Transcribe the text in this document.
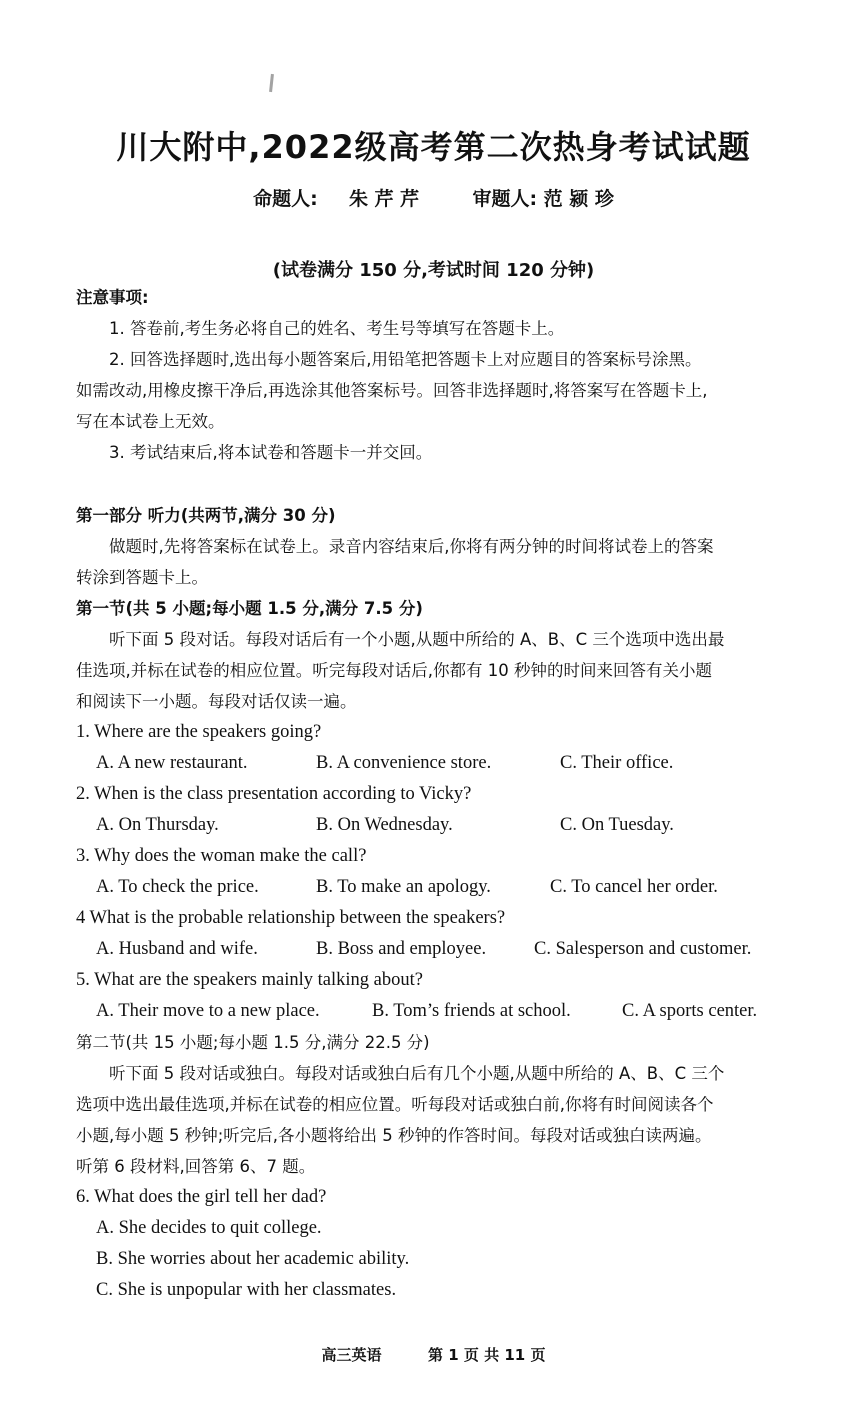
川大附中,2022级高考第二次热身考试试题
命题人: 朱 芹 芹	审题人: 范 颍 珍
(试卷满分 150 分,考试时间 120 分钟)

注意事项:

1. 答卷前,考生务必将自己的姓名、考生号等填写在答题卡上。

2. 回答选择题时,选出每小题答案后,用铅笔把答题卡上对应题目的答案标号涂黑。

如需改动,用橡皮擦干净后,再选涂其他答案标号。回答非选择题时,将答案写在答题卡上,

写在本试卷上无效。

3. 考试结束后,将本试卷和答题卡一并交回。

第一部分 听力(共两节,满分 30 分)

做题时,先将答案标在试卷上。录音内容结束后,你将有两分钟的时间将试卷上的答案

转涂到答题卡上。

第一节(共 5 小题;每小题 1.5 分,满分 7.5 分)

听下面 5 段对话。每段对话后有一个小题,从题中所给的 A、B、C 三个选项中选出最

佳选项,并标在试卷的相应位置。听完每段对话后,你都有 10 秒钟的时间来回答有关小题

和阅读下一小题。每段对话仅读一遍。

1. Where are the speakers going?

A. A new restaurant.	B. A convenience store.	C. Their office.

2. When is the class presentation according to Vicky?

A. On Thursday.	B. On Wednesday.	C. On Tuesday.

3. Why does the woman make the call?

A. To check the price.	B. To make an apology.	C. To cancel her order.

4 What is the probable relationship between the speakers?

A. Husband and wife.	B. Boss and employee.	C. Salesperson and customer.

5. What are the speakers mainly talking about?

A. Their move to a new place.	B. Tom’s friends at school.	C. A sports center.

第二节(共 15 小题;每小题 1.5 分,满分 22.5 分)

听下面 5 段对话或独白。每段对话或独白后有几个小题,从题中所给的 A、B、C 三个

选项中选出最佳选项,并标在试卷的相应位置。听每段对话或独白前,你将有时间阅读各个

小题,每小题 5 秒钟;听完后,各小题将给出 5 秒钟的作答时间。每段对话或独白读两遍。

听第 6 段材料,回答第 6、7 题。

6. What does the girl tell her dad?

A. She decides to quit college.

B. She worries about her academic ability.

C. She is unpopular with her classmates.

高三英语	第 1 页 共 11 页
